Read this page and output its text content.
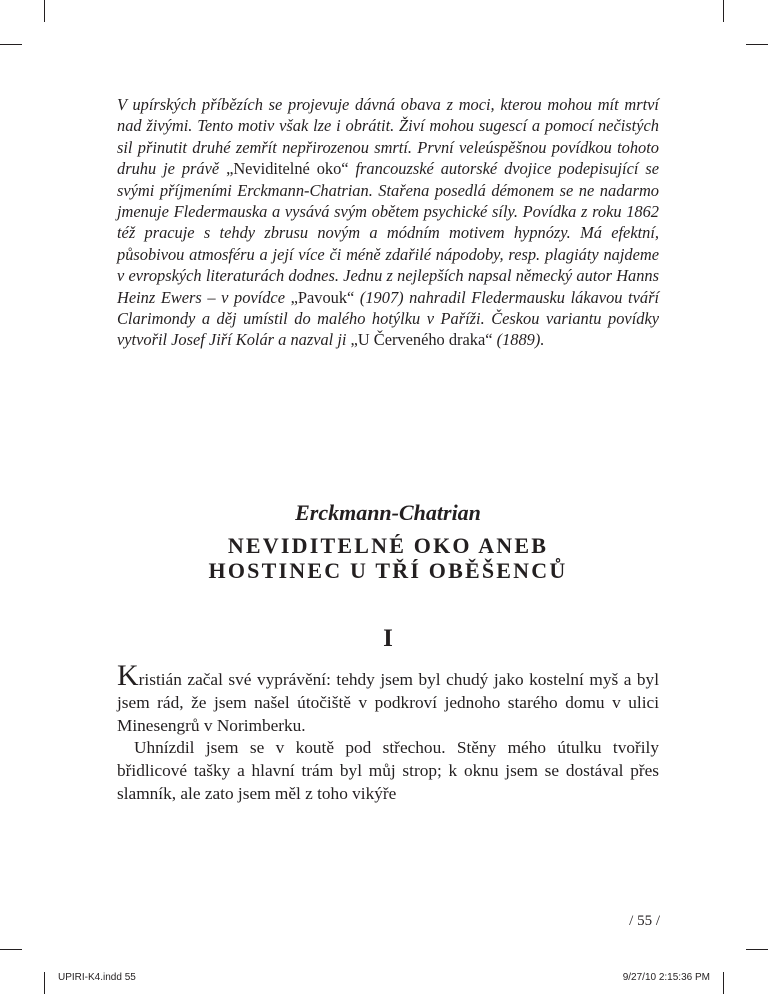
V upírských příbězích se projevuje dávná obava z moci, kterou mohou mít mrtví nad živými. Tento motiv však lze i obrátit. Živí mohou sugescí a pomocí nečistých sil přinutit druhé zemřít nepřirozenou smrtí. První veleúspěšnou povídkou tohoto druhu je právě „Neviditelné oko“ francouzské autorské dvojice podepisující se svými příjmeními Erckmann-Chatrian. Stařena posedlá démonem se ne nadarmo jmenuje Fledermauska a vysává svým obětem psychické síly. Povídka z roku 1862 též pracuje s tehdy zbrusu novým a módním motivem hypnózy. Má efektní, působivou atmosféru a její více či méně zdařilé nápodoby, resp. plagiáty najdeme v evropských literaturách dodnes. Jednu z nejlepších napsal německý autor Hanns Heinz Ewers – v povídce „Pavouk“ (1907) nahradil Fledermausku lákavou tváří Clarimondy a děj umístil do malého hotýlku v Paříži. Českou variantu povídky vytvořil Josef Jiří Kolár a nazval ji „U Červeného draka“ (1889).

Erckmann-Chatrian
NEVIDITELNÉ OKO ANEB
HOSTINEC U TŘÍ OBĚŠENCŮ
I

Kristián začal své vyprávění: tehdy jsem byl chudý jako kostelní myš a byl jsem rád, že jsem našel útočiště v podkroví jednoho starého domu v ulici Minesengrů v Norimberku.

Uhnízdil jsem se v koutě pod střechou. Stěny mého útulku tvořily břidlicové tašky a hlavní trám byl můj strop; k oknu jsem se dostával přes slamník, ale zato jsem měl z toho vikýře

/ 55 /
UPIRI-K4.indd 55	9/27/10 2:15:36 PM
